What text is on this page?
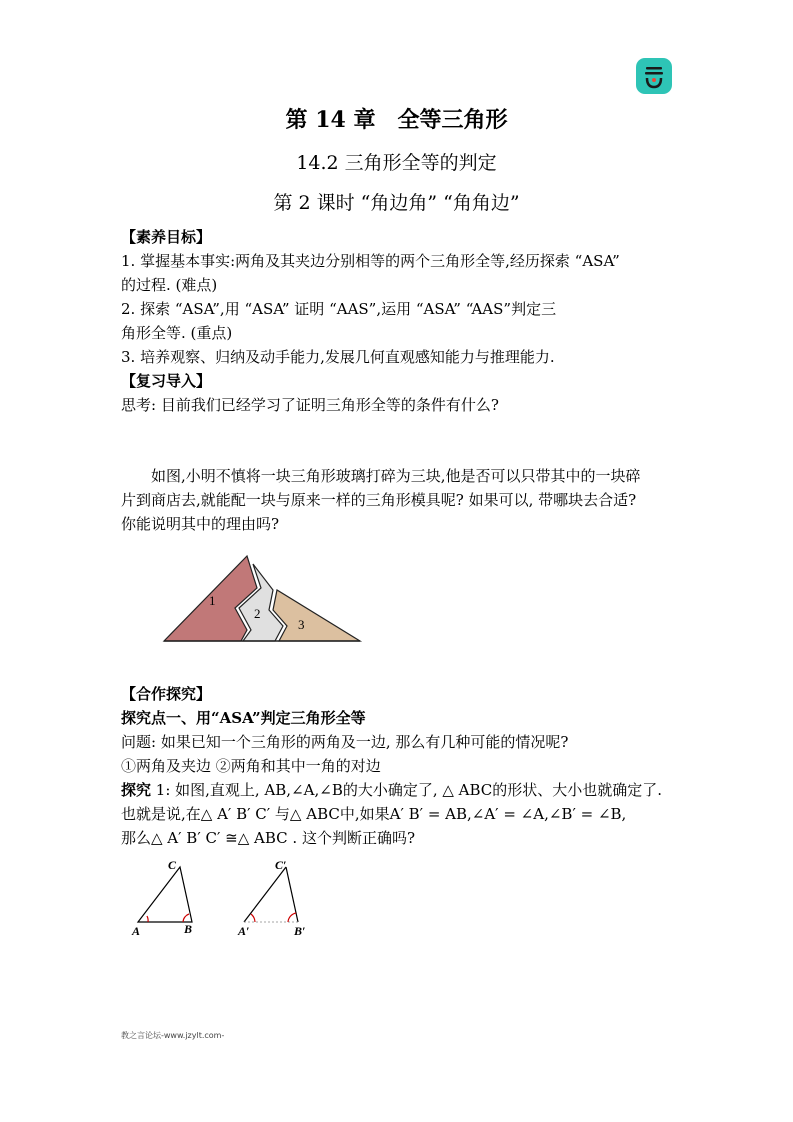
第 14 章　全等三角形
14.2 三角形全等的判定
第 2 课时 “角边角” “角角边”
【素养目标】
1. 掌握基本事实:两角及其夹边分别相等的两个三角形全等,经历探索 “ASA”
的过程. (难点)
2. 探索 “ASA”,用 “ASA” 证明 “AAS”,运用 “ASA” “AAS”判定三
角形全等. (重点)
3. 培养观察、归纳及动手能力,发展几何直观感知能力与推理能力.
【复习导入】
思考: 目前我们已经学习了证明三角形全等的条件有什么?
如图,小明不慎将一块三角形玻璃打碎为三块,他是否可以只带其中的一块碎
片到商店去,就能配一块与原来一样的三角形模具呢? 如果可以, 带哪块去合适?
你能说明其中的理由吗?
1
2
3
【合作探究】
探究点一、用“ASA”判定三角形全等
问题: 如果已知一个三角形的两角及一边, 那么有几种可能的情况呢?
①两角及夹边 ②两角和其中一角的对边
探究 1: 如图,直观上, AB,∠A,∠B的大小确定了, △ ABC的形状、大小也就确定了.
也就是说,在△ A′ B′ C′ 与△ ABC中,如果A′ B′ = AB,∠A′ = ∠A,∠B′ = ∠B,
那么△ A′ B′ C′ ≅△ ABC . 这个判断正确吗?
A	B
C
A′	B′
C′
教之言论坛-www.jzylt.com-
